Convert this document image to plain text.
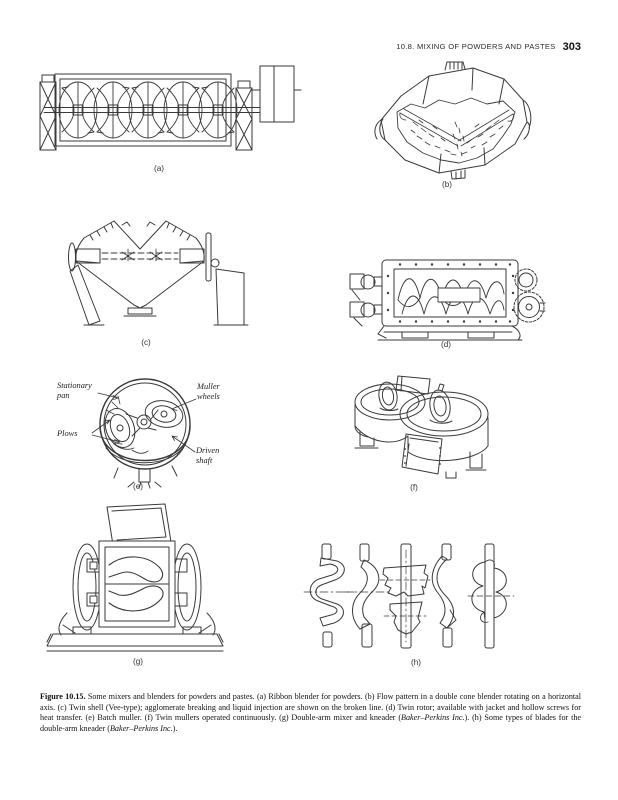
10.8. MIXING OF POWDERS AND PASTES 303
(a)
(b)
(c)	(d)
Stationary pan
Muller wheels
Plows
Driven shaft
(e)	(f)
(g)	(h)

Figure 10.15. Some mixers and blenders for powders and pastes. (a) Ribbon blender for powders. (b) Flow pattern in a double cone blender rotating on a horizontal axis. (c) Twin shell (Vee-type); agglomerate breaking and liquid injection are shown on the broken line. (d) Twin rotor; available with jacket and hollow screws for heat transfer. (e) Batch muller. (f) Twin mullers operated continuously. (g) Double-arm mixer and kneader (Baker–Perkins Inc.). (h) Some types of blades for the double-arm kneader (Baker–Perkins Inc.).
